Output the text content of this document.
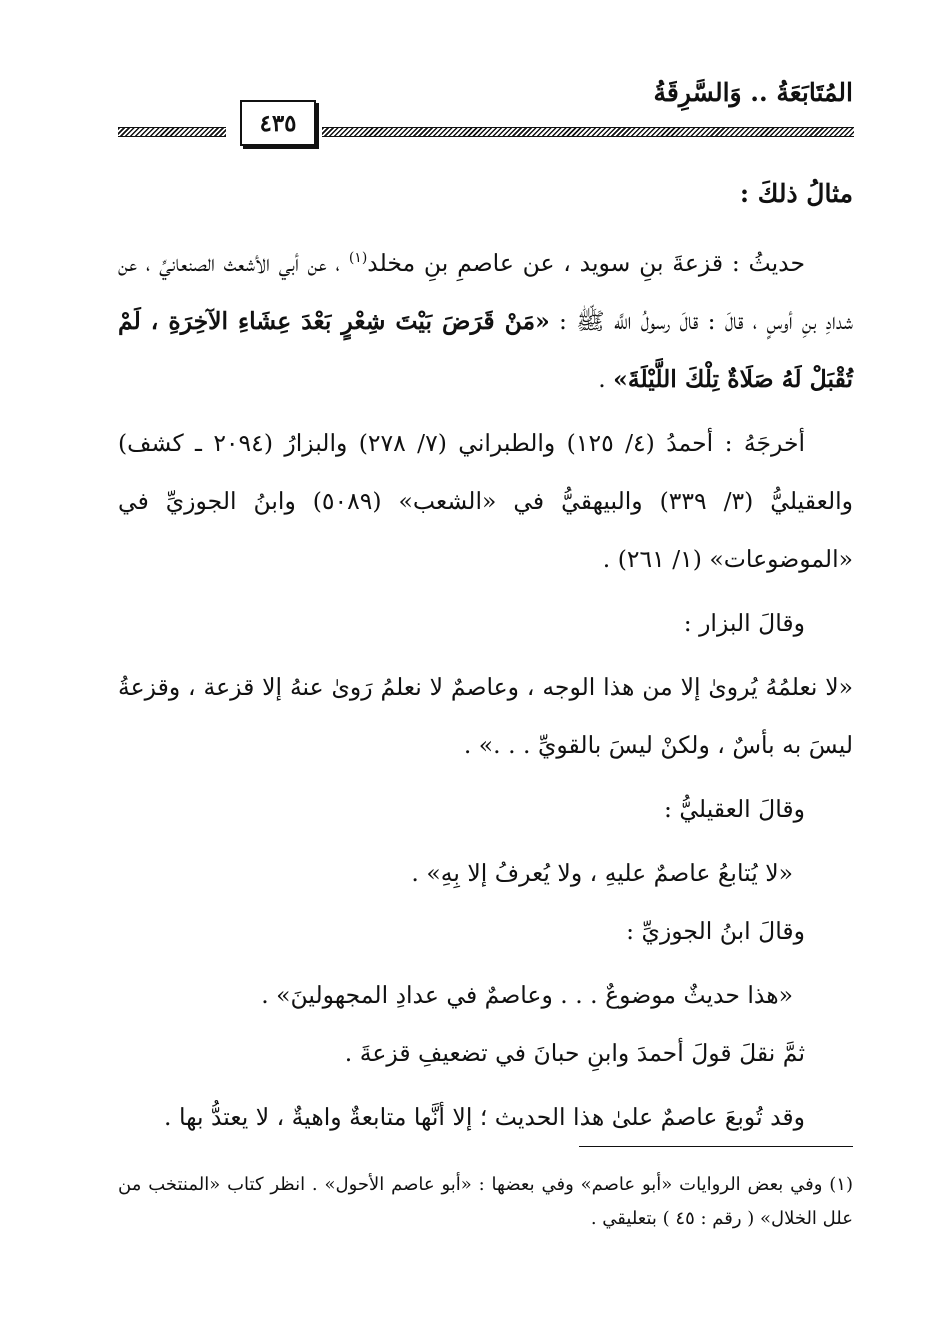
المُتَابَعَةُ .. وَالسَّرِقَةُ
٤٣٥

مثالُ ذلكَ :

حديثُ : قزعةَ بنِ سويد ، عن عاصمِ بنِ مخلد$^{(١)}$ ، عن أبي الأشعث الصنعانيِّ ، عن شدادِ بنِ أوسٍ ، قالَ : قالَ رسولُ اللَّه ﷺ : «مَنْ قَرَضَ بَيْتَ شِعْرٍ بَعْدَ عِشَاءِ الآخِرَةِ ، لَمْ تُقْبَلْ لَهُ صَلَاةٌ تِلْكَ اللَّيْلَةَ» .

أخرجَهُ : أحمدُ (٤/ ١٢٥) والطبراني (٧/ ٢٧٨) والبزارُ (٢٠٩٤ ـ كشف) والعقيليُّ (٣/ ٣٣٩) والبيهقيُّ في «الشعب» (٥٠٨٩) وابنُ الجوزيِّ في «الموضوعات» (١/ ٢٦١) .

وقالَ البزار :

«لا نعلمُهُ يُروىٰ إلا من هذا الوجه ، وعاصمٌ لا نعلمُ رَوىٰ عنهُ إلا قزعة ، وقزعةُ ليسَ به بأسٌ ، ولكنْ ليسَ بالقويِّ . . .» .

وقالَ العقيليُّ :

«لا يُتابعُ عاصمٌ عليهِ ، ولا يُعرفُ إلا بِهِ» .

وقالَ ابنُ الجوزيِّ :

«هذا حديثٌ موضوعٌ . . . وعاصمٌ في عدادِ المجهولينَ» .

ثمَّ نقلَ قولَ أحمدَ وابنِ حبانَ في تضعيفِ قزعةَ .

وقد تُوبعَ عاصمٌ علىٰ هذا الحديث ؛ إلا أنَّها متابعةٌ واهيةٌ ، لا يعتدُّ بها .

(١) وفي بعض الروايات «أبو عاصم» وفي بعضها : «أبو عاصم الأحول» . انظر كتاب «المنتخب من علل الخلال» ( رقم : ٤٥ ) بتعليقي .
